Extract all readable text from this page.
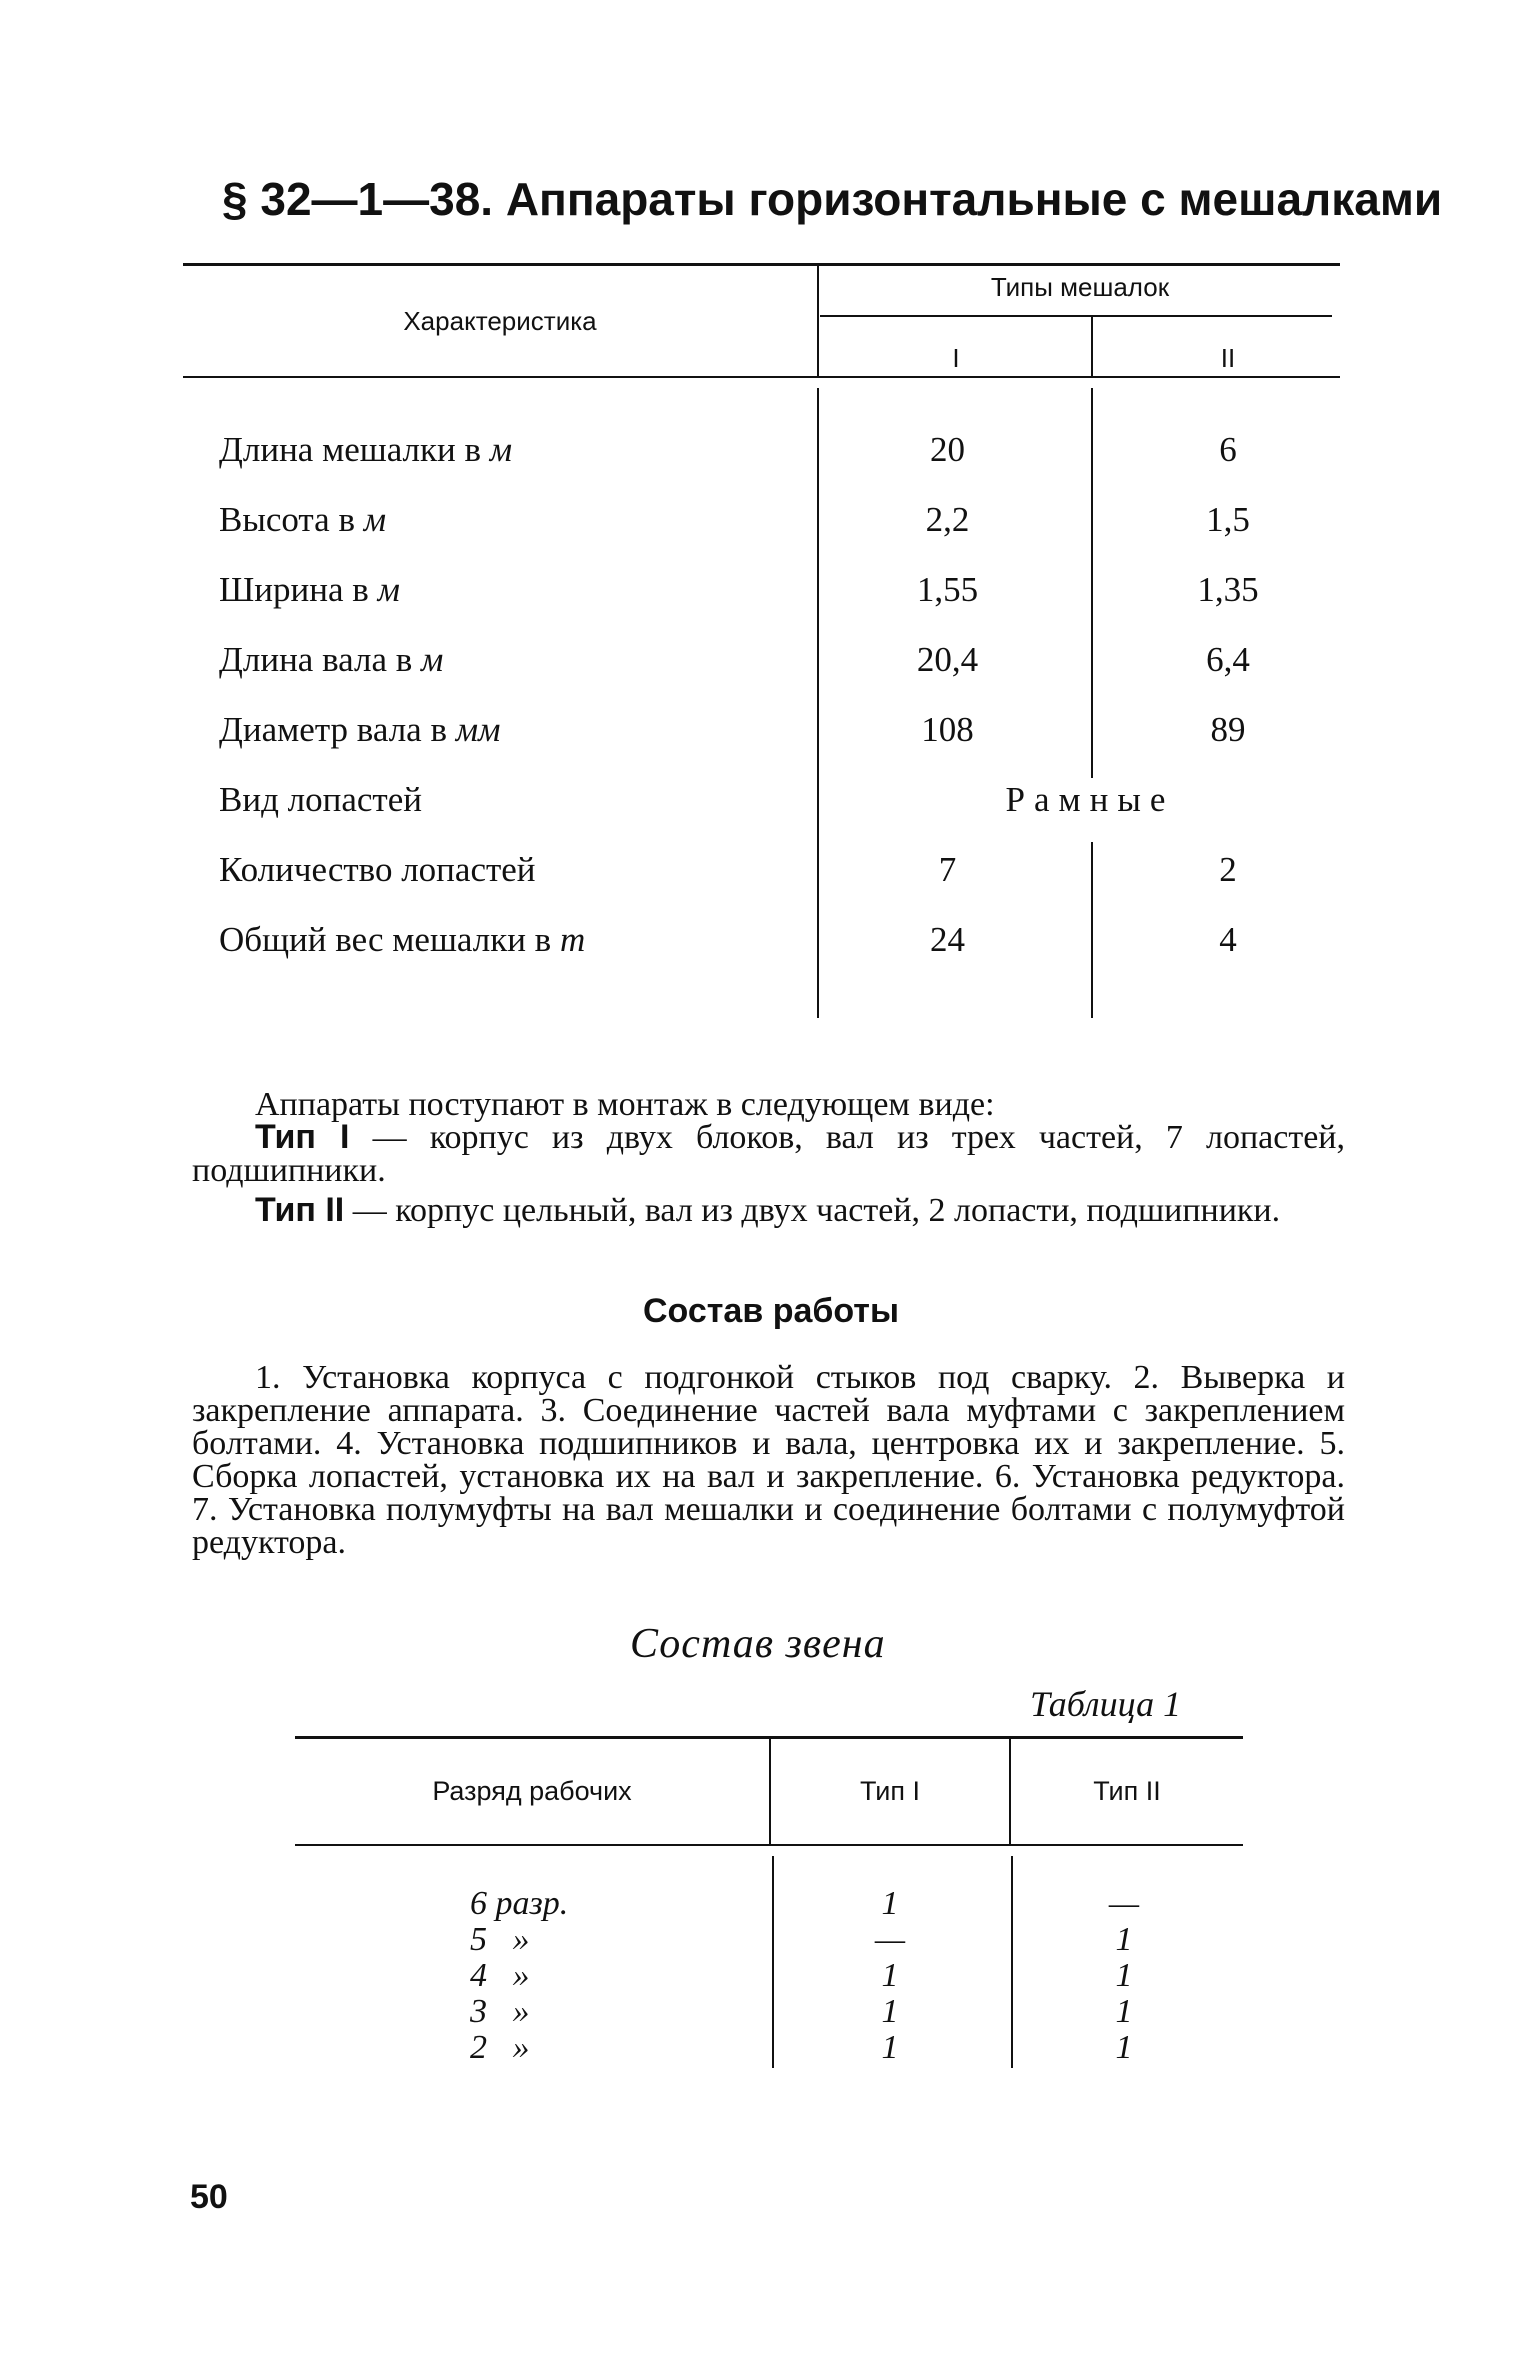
§ 32—1—38. Аппараты горизонтальные с мешалками
Характеристика
Типы мешалок
I	II
Длина мешалки в м	20	6
Высота в м	2,2	1,5
Ширина в м	1,55	1,35
Длина вала в м	20,4	6,4
Диаметр вала в мм	108	89
Вид лопастей	Рамные
Количество лопастей	7	2
Общий вес мешалки в т	24	4
Аппараты поступают в монтаж в следующем виде:
Тип I — корпус из двух блоков, вал из трех частей, 7 лопастей, подшипники.
Тип II — корпус цельный, вал из двух частей, 2 лопасти, подшипники.
Состав работы
1. Установка корпуса с подгонкой стыков под сварку. 2. Выверка и закрепление аппарата. 3. Соединение частей вала муфтами с закреплением болтами. 4. Установка подшипников и вала, центровка их и закрепление. 5. Сборка лопастей, установка их на вал и закрепление. 6. Установка редуктора. 7. Установка полумуфты на вал мешалки и соединение болтами с полумуфтой редуктора.
Состав звена
Таблица 1
Разряд рабочих	Тип I	Тип II
6 разр.	1	—
5   »	—	1
4   »	1	1
3   »	1	1
2   »	1	1
50
